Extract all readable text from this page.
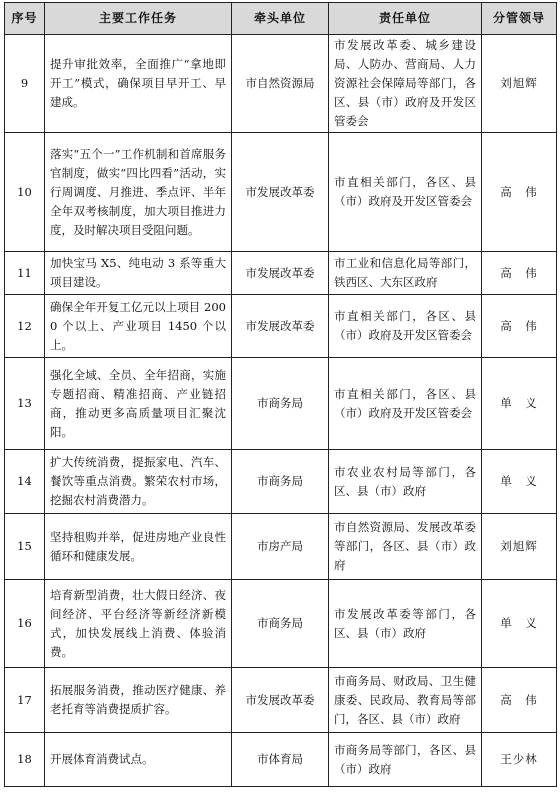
序号	主要工作任务	牵头单位	责任单位	分管领导
9	提升审批效率，全面推广“拿地即开工”模式，确保项目早开工、早建成。	市自然资源局	市发展改革委、城乡建设局、人防办、营商局、人力资源社会保障局等部门，各区、县（市）政府及开发区管委会	刘旭辉
10	落实“五个一”工作机制和首席服务官制度，做实“四比四看”活动，实行周调度、月推进、季点评、半年全年双考核制度，加大项目推进力度，及时解决项目受阻问题。	市发展改革委	市直相关部门，各区、县（市）政府及开发区管委会	高　伟
11	加快宝马 X5、纯电动 3 系等重大项目建设。	市发展改革委	市工业和信息化局等部门，铁西区、大东区政府	高　伟
12	确保全年开复工亿元以上项目 2000 个以上、产业项目 1450 个以上。	市发展改革委	市直相关部门，各区、县（市）政府及开发区管委会	高　伟
13	强化全域、全员、全年招商，实施专题招商、精准招商、产业链招商，推动更多高质量项目汇聚沈阳。	市商务局	市直相关部门，各区、县（市）政府及开发区管委会	单　义
14	扩大传统消费，提振家电、汽车、餐饮等重点消费。繁荣农村市场，挖掘农村消费潜力。	市商务局	市农业农村局等部门，各区、县（市）政府	单　义
15	坚持租购并举，促进房地产业良性循环和健康发展。	市房产局	市自然资源局、发展改革委等部门，各区、县（市）政府	刘旭辉
16	培育新型消费，壮大假日经济、夜间经济、平台经济等新经济新模式，加快发展线上消费、体验消费。	市商务局	市发展改革委等部门，各区、县（市）政府	单　义
17	拓展服务消费，推动医疗健康、养老托育等消费提质扩容。	市发展改革委	市商务局、财政局、卫生健康委、民政局、教育局等部门，各区、县（市）政府	高　伟
18	开展体育消费试点。	市体育局	市商务局等部门，各区、县（市）政府	王少林
